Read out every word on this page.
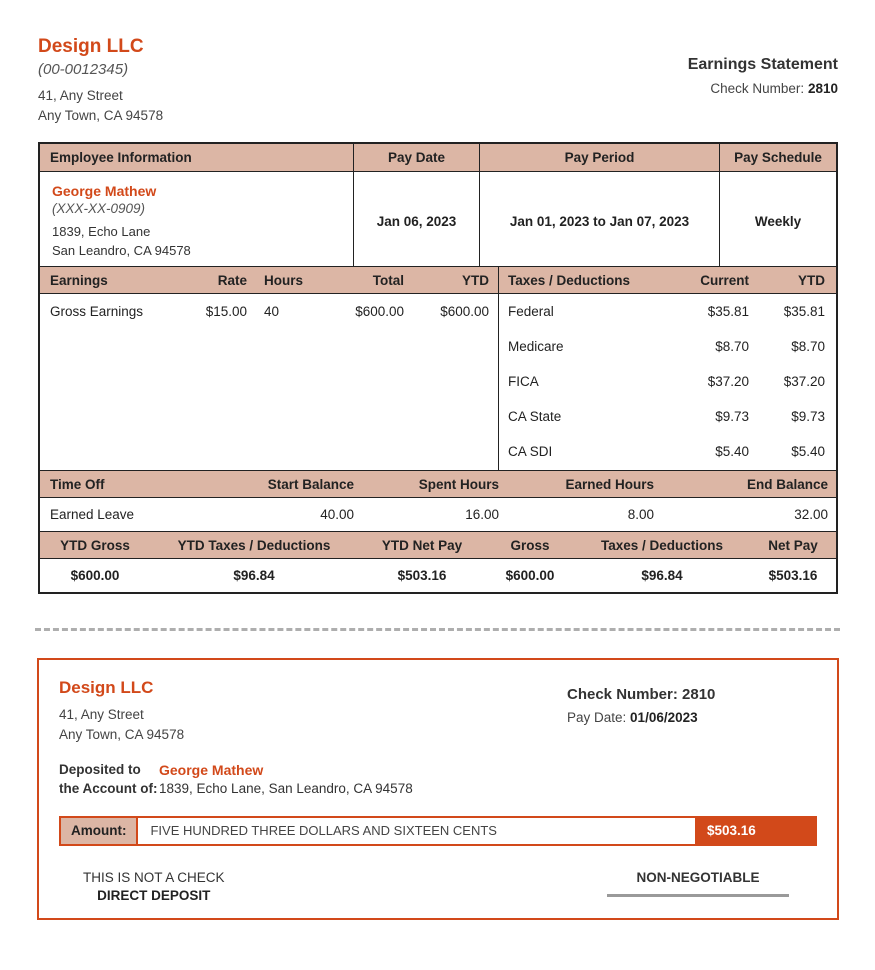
Design LLC
(00-0012345)
41, Any Street
Any Town, CA 94578
Earnings Statement
Check Number: 2810
Employee Information	Pay Date	Pay Period	Pay Schedule
George Mathew
(XXX-XX-0909)
1839, Echo Lane
San Leandro, CA 94578
Jan 06, 2023	Jan 01, 2023 to Jan 07, 2023	Weekly
Earnings	Rate	Hours	Total	YTD
Gross Earnings	$15.00	40	$600.00	$600.00
Taxes / Deductions	Current	YTD
Federal	$35.81	$35.81
Medicare	$8.70	$8.70
FICA	$37.20	$37.20
CA State	$9.73	$9.73
CA SDI	$5.40	$5.40
Time Off	Start Balance	Spent Hours	Earned Hours	End Balance
Earned Leave	40.00	16.00	8.00	32.00
YTD Gross	YTD Taxes / Deductions	YTD Net Pay	Gross	Taxes / Deductions	Net Pay
$600.00	$96.84	$503.16	$600.00	$96.84	$503.16
Design LLC
41, Any Street
Any Town, CA 94578
Check Number: 2810
Pay Date: 01/06/2023
Deposited to	George Mathew
the Account of: 1839, Echo Lane, San Leandro, CA 94578
Amount:	FIVE HUNDRED THREE DOLLARS AND SIXTEEN CENTS	$503.16
THIS IS NOT A CHECK
DIRECT DEPOSIT
NON-NEGOTIABLE
